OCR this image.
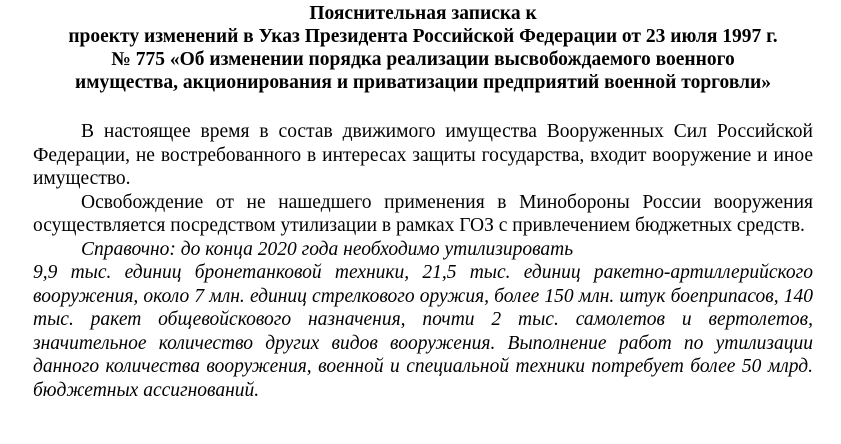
Пояснительная записка к
проекту изменений в Указ Президента Российской Федерации от 23 июля 1997 г.
№ 775 «Об изменении порядка реализации высвобождаемого военного
имущества, акционирования и приватизации предприятий военной торговли»

В настоящее время в состав движимого имущества Вооруженных Сил Российской Федерации, не востребованного в интересах защиты государства, входит вооружение и иное имущество.

Освобождение от не нашедшего применения в Минобороны России вооружения осуществляется посредством утилизации в рамках ГОЗ с привлечением бюджетных средств.

Справочно: до конца 2020 года необходимо утилизировать

9,9 тыс. единиц бронетанковой техники, 21,5 тыс. единиц ракетно-артиллерийского вооружения, около 7 млн. единиц стрелкового оружия, более 150 млн. штук боеприпасов, 140 тыс. ракет общевойскового назначения, почти 2 тыс. самолетов и вертолетов, значительное количество других видов вооружения. Выполнение работ по утилизации данного количества вооружения, военной и специальной техники потребует более 50 млрд. бюджетных ассигнований.
